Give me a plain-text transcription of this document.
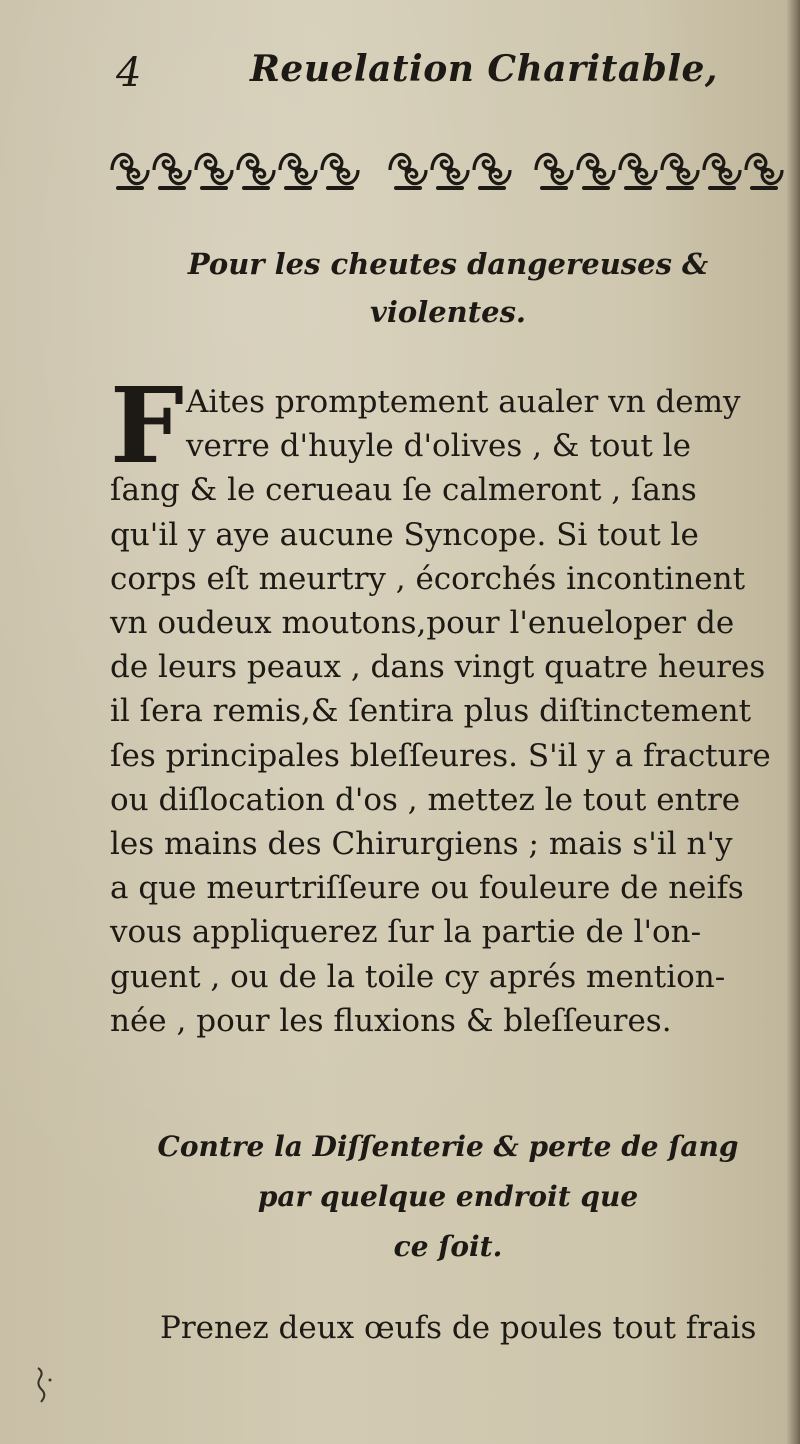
4	Reuelation Charitable,
Pour les cheutes dangereuses &
violentes.
F Aites promptement aualer vn demy
verre d'huyle d'olives , & tout le
ſang & le cerueau ſe calmeront , ſans
qu'il y aye aucune Syncope. Si tout le
corps eſt meurtry , écorchés incontinent
vn oudeux moutons,pour l'enueloper de
de leurs peaux , dans vingt quatre heures
il ſera remis,& ſentira plus diſtinctement
ſes principales bleſſeures. S'il y a fracture
ou diſlocation d'os , mettez le tout entre
les mains des Chirurgiens ; mais s'il n'y
a que meurtriſſeure ou fouleure de neifs
vous appliquerez ſur la partie de l'on-
guent , ou de la toile cy aprés mention-
née , pour les fluxions & bleſſeures.
Contre la Diſſenterie & perte de ſang
par quelque endroit que
ce ſoit.
Prenez deux œufs de poules tout frais
